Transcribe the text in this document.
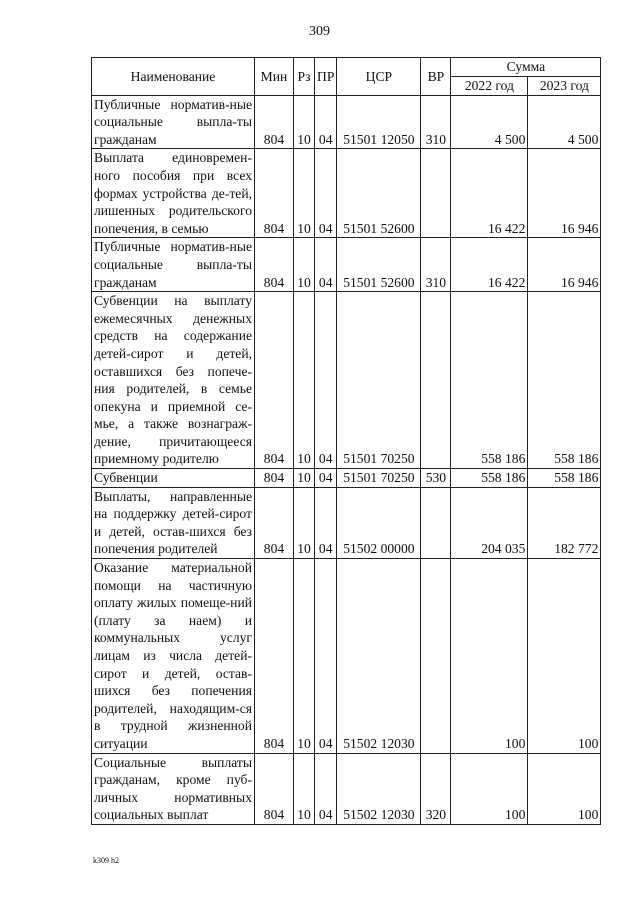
309
Наименование	Мин	Рз	ПР	ЦСР	ВР	Сумма	
						2022 год	2023 год
Публичные норматив-ные социальные выпла-ты гражданам	804	10	04	51501 12050	310	4 500	4 500
Выплата единовремен-ного пособия при всех формах устройства де-тей, лишенных родительского попечения, в семью	804	10	04	51501 52600		16 422	16 946
Публичные норматив-ные социальные выпла-ты гражданам	804	10	04	51501 52600	310	16 422	16 946
Субвенции на выплату ежемесячных денежных средств на содержание детей-сирот и детей, оставшихся без попече-ния родителей, в семье опекуна и приемной се-мье, а также вознаграж-дение, причитающееся приемному родителю	804	10	04	51501 70250		558 186	558 186
Субвенции	804	10	04	51501 70250	530	558 186	558 186
Выплаты, направленные на поддержку детей-сирот и детей, остав-шихся без попечения родителей	804	10	04	51502 00000		204 035	182 772
Оказание материальной помощи на частичную оплату жилых помеще-ний (плату за наем) и коммунальных услуг лицам из числа детей-сирот и детей, остав-шихся без попечения родителей, находящим-ся в трудной жизненной ситуации	804	10	04	51502 12030		100	100
Социальные выплаты гражданам, кроме пуб-личных нормативных социальных выплат	804	10	04	51502 12030	320	100	100
k309 h2
